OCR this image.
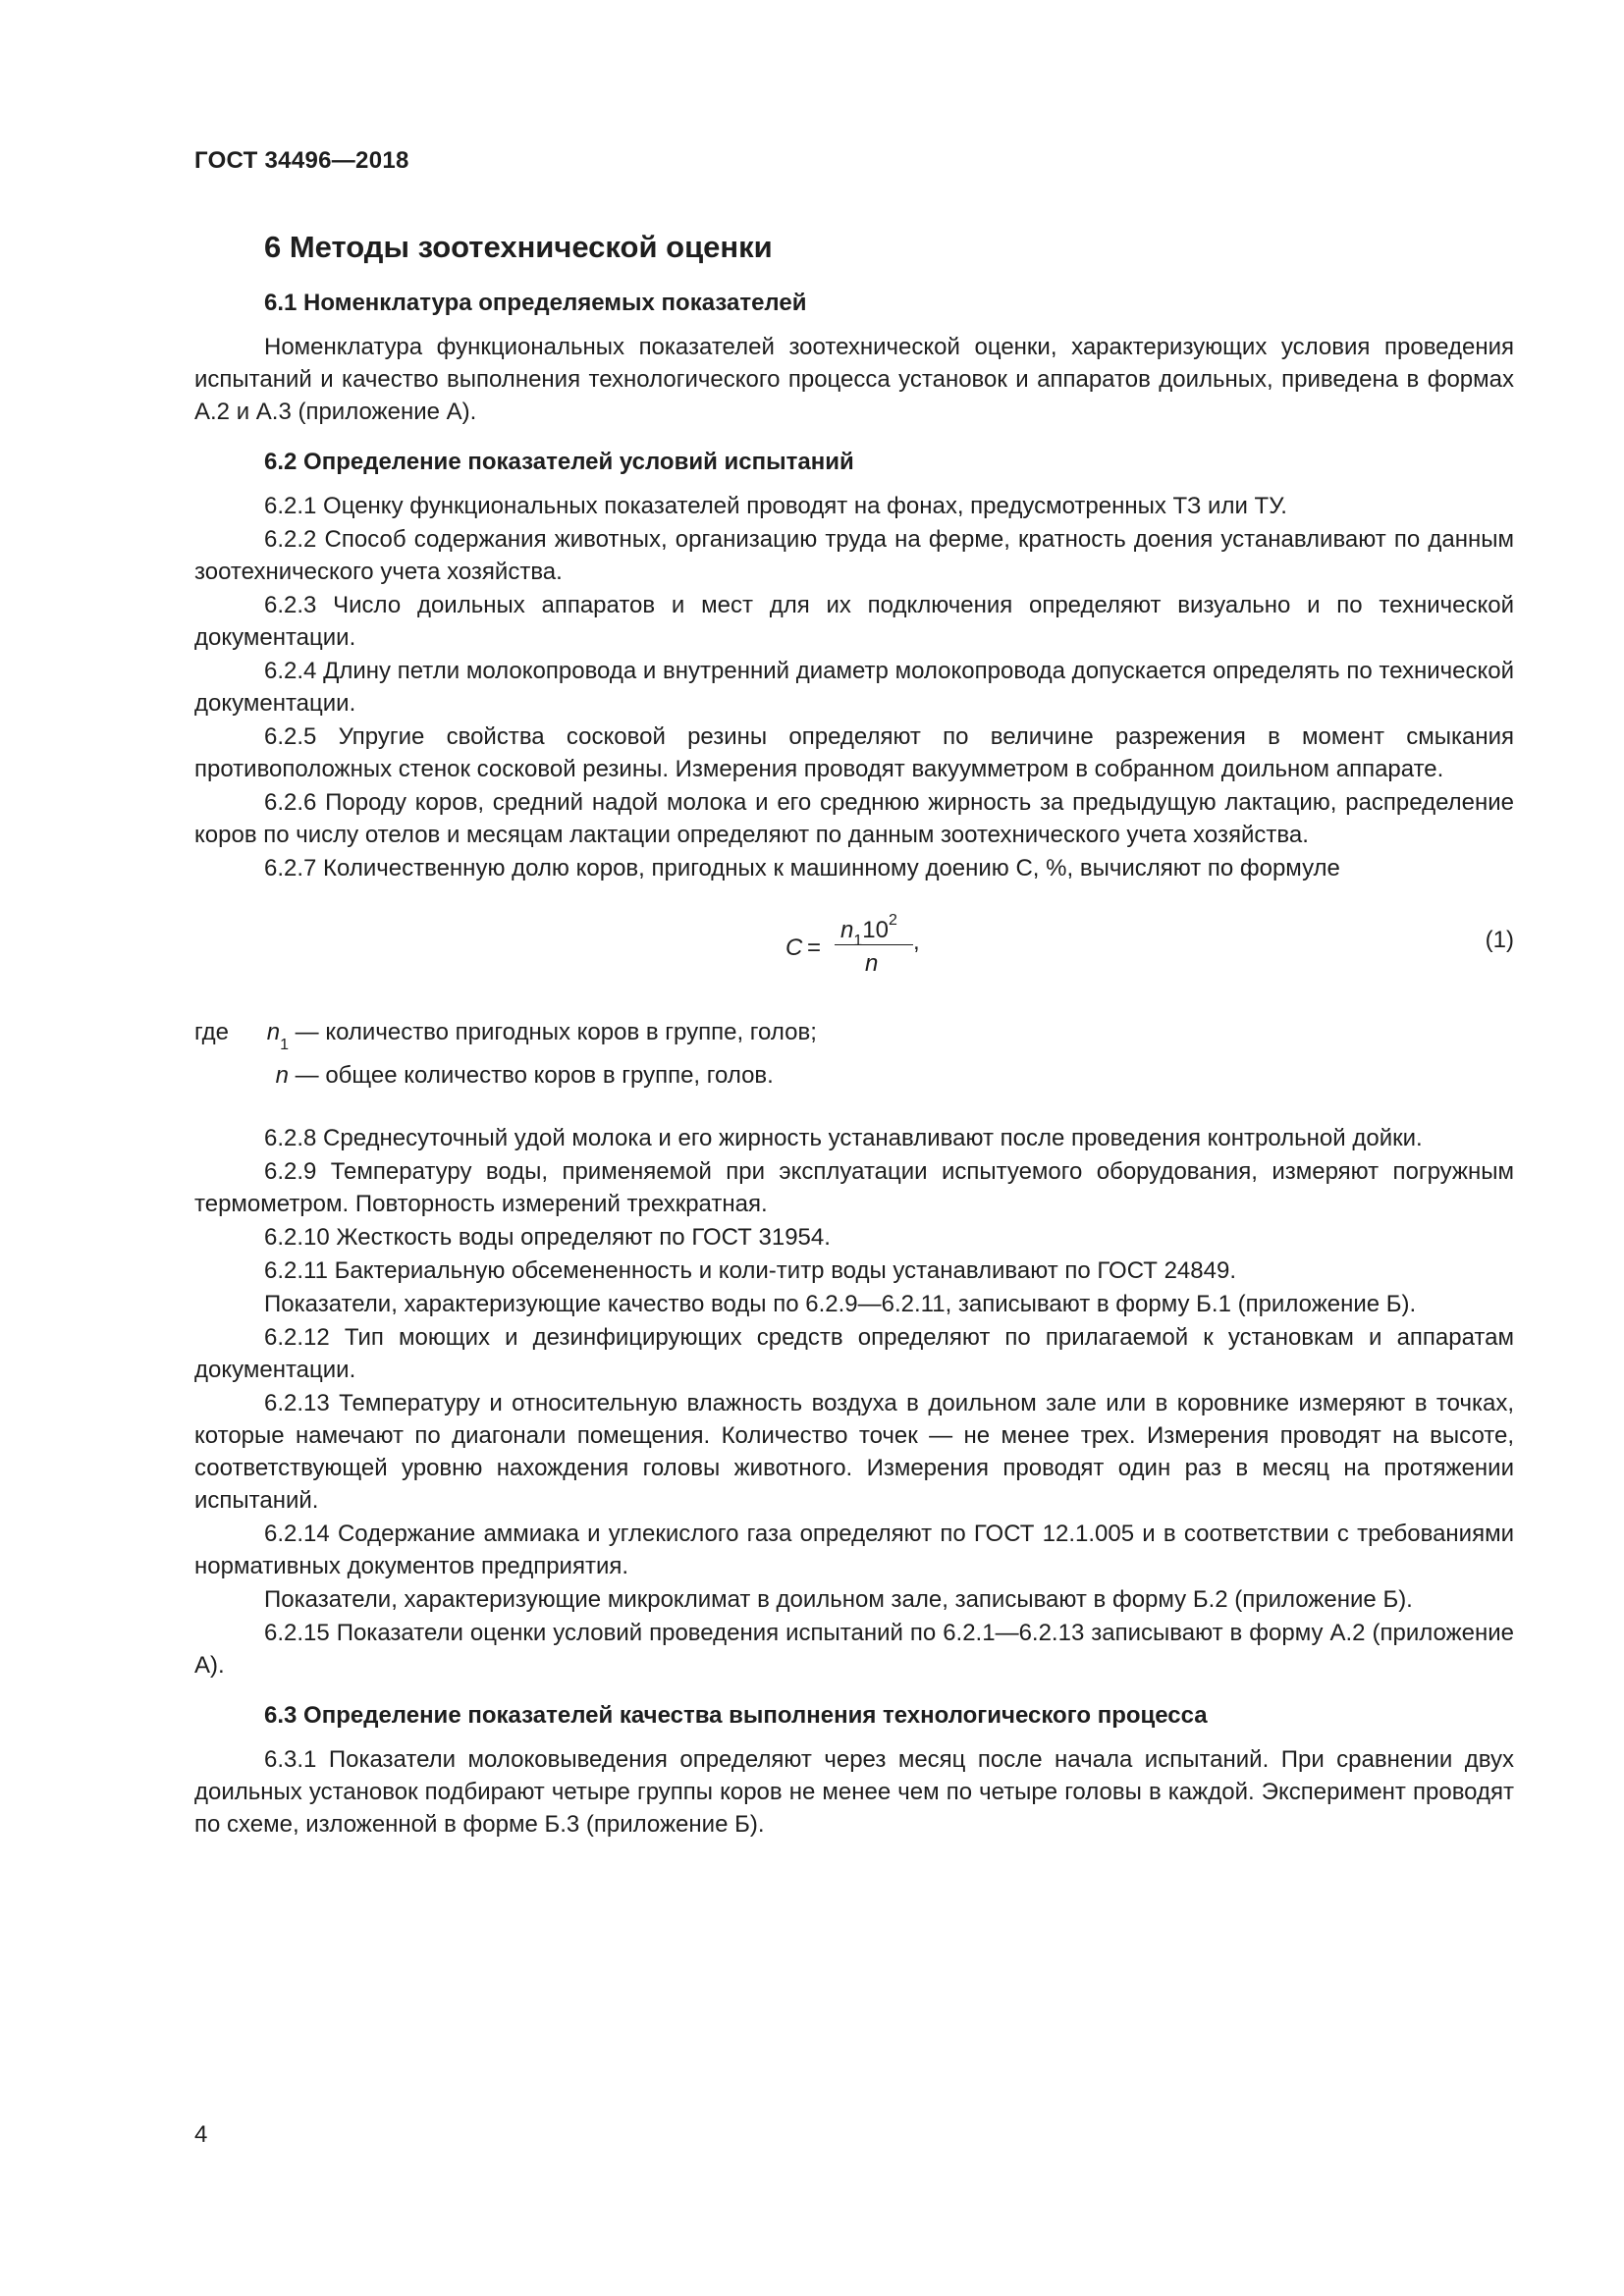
ГОСТ 34496—2018
6 Методы зоотехнической оценки
6.1 Номенклатура определяемых показателей
Номенклатура функциональных показателей зоотехнической оценки, характеризующих условия проведения испытаний и качество выполнения технологического процесса установок и аппаратов доильных, приведена в формах А.2 и А.3 (приложение А).
6.2 Определение показателей условий испытаний
6.2.1 Оценку функциональных показателей проводят на фонах, предусмотренных ТЗ или ТУ.
6.2.2 Способ содержания животных, организацию труда на ферме, кратность доения устанавливают по данным зоотехнического учета хозяйства.
6.2.3 Число доильных аппаратов и мест для их подключения определяют визуально и по технической документации.
6.2.4 Длину петли молокопровода и внутренний диаметр молокопровода допускается определять по технической документации.
6.2.5 Упругие свойства сосковой резины определяют по величине разрежения в момент смыкания противоположных стенок сосковой резины. Измерения проводят вакуумметром в собранном доильном аппарате.
6.2.6 Породу коров, средний надой молока и его среднюю жирность за предыдущую лактацию, распределение коров по числу отелов и месяцам лактации определяют по данным зоотехнического учета хозяйства.
6.2.7 Количественную долю коров, пригодных к машинному доению C, %, вычисляют по формуле
C =
$n_110^2$
,
n
(1)
где $n_1$ — количество пригодных коров в группе, голов;
n — общее количество коров в группе, голов.
6.2.8 Среднесуточный удой молока и его жирность устанавливают после проведения контрольной дойки.
6.2.9 Температуру воды, применяемой при эксплуатации испытуемого оборудования, измеряют погружным термометром. Повторность измерений трехкратная.
6.2.10 Жесткость воды определяют по ГОСТ 31954.
6.2.11 Бактериальную обсемененность и коли-титр воды устанавливают по ГОСТ 24849.
Показатели, характеризующие качество воды по 6.2.9—6.2.11, записывают в форму Б.1 (приложение Б).
6.2.12 Тип моющих и дезинфицирующих средств определяют по прилагаемой к установкам и аппаратам документации.
6.2.13 Температуру и относительную влажность воздуха в доильном зале или в коровнике измеряют в точках, которые намечают по диагонали помещения. Количество точек — не менее трех. Измерения проводят на высоте, соответствующей уровню нахождения головы животного. Измерения проводят один раз в месяц на протяжении испытаний.
6.2.14 Содержание аммиака и углекислого газа определяют по ГОСТ 12.1.005 и в соответствии с требованиями нормативных документов предприятия.
Показатели, характеризующие микроклимат в доильном зале, записывают в форму Б.2 (приложение Б).
6.2.15 Показатели оценки условий проведения испытаний по 6.2.1—6.2.13 записывают в форму А.2 (приложение А).
6.3 Определение показателей качества выполнения технологического процесса
6.3.1 Показатели молоковыведения определяют через месяц после начала испытаний. При сравнении двух доильных установок подбирают четыре группы коров не менее чем по четыре головы в каждой. Эксперимент проводят по схеме, изложенной в форме Б.3 (приложение Б).
4
